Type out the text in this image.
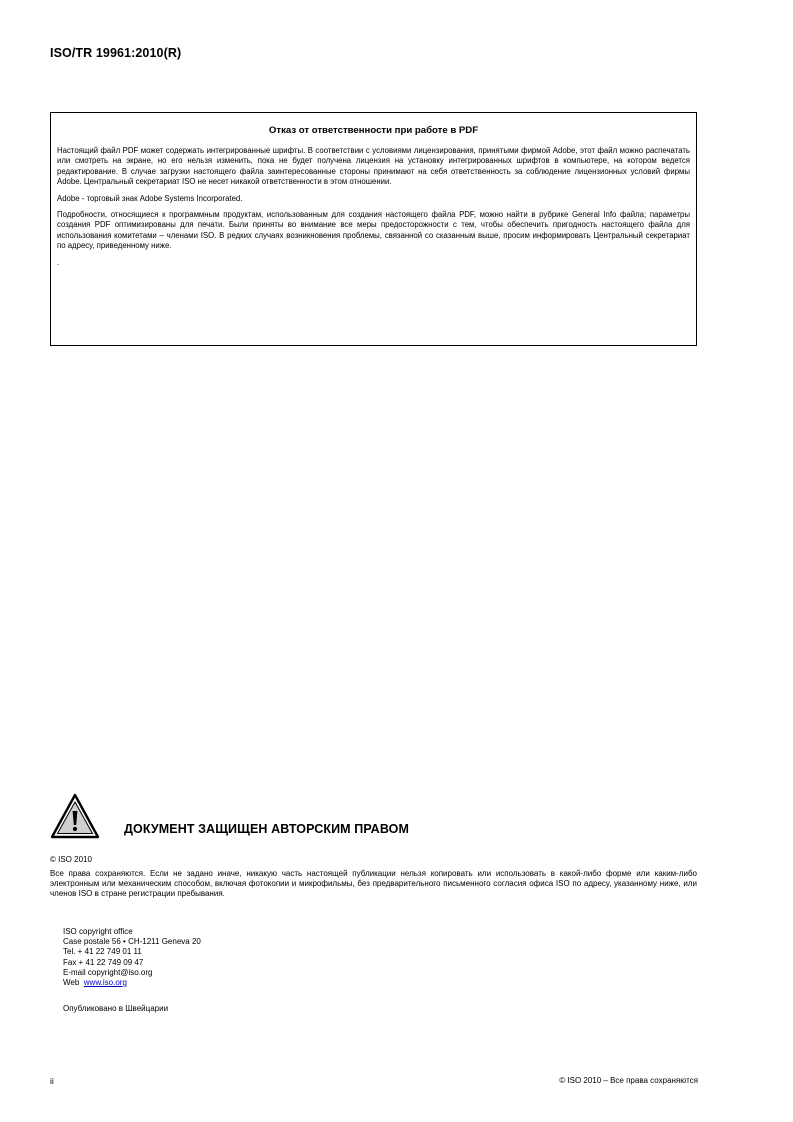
ISO/TR 19961:2010(R)
Отказ от ответственности при работе в PDF

Настоящий файл PDF может содержать интегрированные шрифты. В соответствии с условиями лицензирования, принятыми фирмой Adobe, этот файл можно распечатать или смотреть на экране, но его нельзя изменить, пока не будет получена лицензия на установку интегрированных шрифтов в компьютере, на котором ведется редактирование. В случае загрузки настоящего файла заинтересованные стороны принимают на себя ответственность за соблюдение лицензионных условий фирмы Adobe. Центральный секретариат ISO не несет никакой ответственности в этом отношении.

Adobe - торговый знак Adobe Systems Incorporated.

Подробности, относящиеся к программным продуктам, использованным для создания настоящего файла PDF, можно найти в рубрике General Info файла; параметры создания PDF оптимизированы для печати. Были приняты во внимание все меры предосторожности с тем, чтобы обеспечить пригодность настоящего файла для использования комитетами – членами ISO. В редких случаях возникновения проблемы, связанной со сказанным выше, просим информировать Центральный секретариат по адресу, приведенному ниже.

.

ДОКУМЕНТ ЗАЩИЩЕН АВТОРСКИМ ПРАВОМ
© ISO 2010

Все права сохраняются. Если не задано иначе, никакую часть настоящей публикации нельзя копировать или использовать в какой-либо форме или каким-либо электронным или механическим способом, включая фотокопии и микрофильмы, без предварительного письменного согласия офиса ISO по адресу, указанному ниже, или членов ISO в стране регистрации пребывания.

ISO copyright office
Case postale 56 • CH-1211 Geneva 20
Tel. + 41 22 749 01 11
Fax + 41 22 749 09 47
E-mail copyright@iso.org
Web www.iso.org
Опубликовано в Швейцарии
ii	© ISO 2010 – Все права сохраняются
